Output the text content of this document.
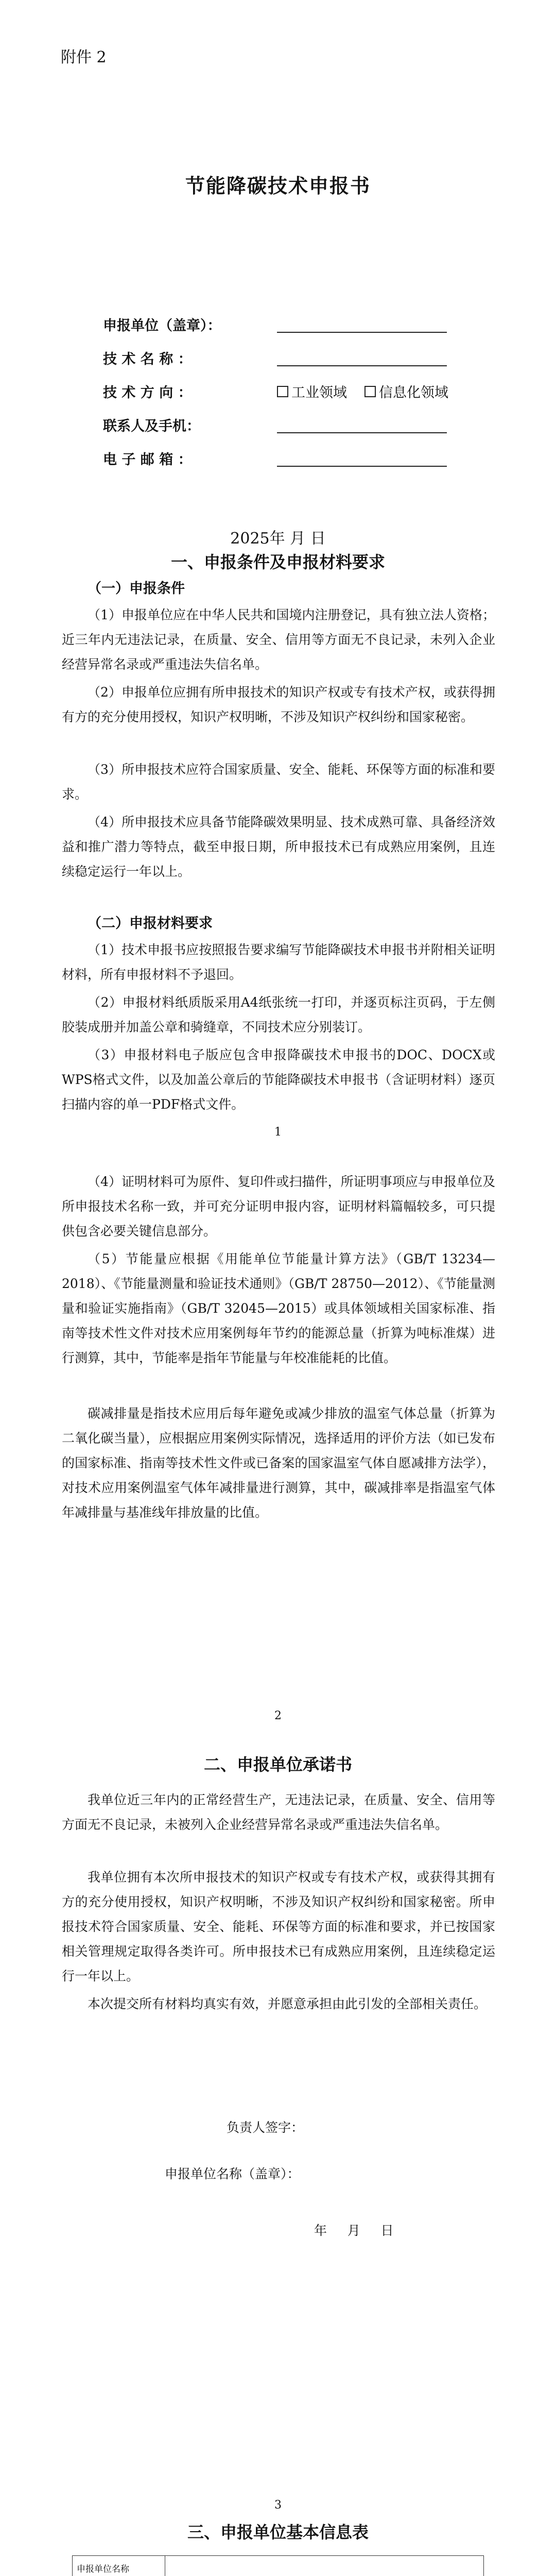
附件 2
节能降碳技术申报书
申报单位（盖章）：
技 术 名 称 ：
技 术 方 向 ：	工业领域 信息化领域
联系人及手机：
电 子 邮 箱 ：
2025年 月 日
一、申报条件及申报材料要求
（一）申报条件
（1）申报单位应在中华人民共和国境内注册登记，具有独立法人资格；近三年内无违法记录，在质量、安全、信用等方面无不良记录，未列入企业经营异常名录或严重违法失信名单。
（2）申报单位应拥有所申报技术的知识产权或专有技术产权，或获得拥有方的充分使用授权，知识产权明晰，不涉及知识产权纠纷和国家秘密。
（3）所申报技术应符合国家质量、安全、能耗、环保等方面的标准和要求。
（4）所申报技术应具备节能降碳效果明显、技术成熟可靠、具备经济效益和推广潜力等特点，截至申报日期，所申报技术已有成熟应用案例，且连续稳定运行一年以上。
（二）申报材料要求
（1）技术申报书应按照报告要求编写节能降碳技术申报书并附相关证明材料，所有申报材料不予退回。
（2）申报材料纸质版采用A4纸张统一打印，并逐页标注页码，于左侧胶装成册并加盖公章和骑缝章，不同技术应分别装订。
（3）申报材料电子版应包含申报降碳技术申报书的DOC、DOCX或WPS格式文件，以及加盖公章后的节能降碳技术申报书（含证明材料）逐页扫描内容的单一PDF格式文件。
1
（4）证明材料可为原件、复印件或扫描件，所证明事项应与申报单位及所申报技术名称一致，并可充分证明申报内容，证明材料篇幅较多，可只提供包含必要关键信息部分。
（5）节能量应根据《用能单位节能量计算方法》（GB/T 13234—2018）、《节能量测量和验证技术通则》（GB/T 28750—2012）、《节能量测量和验证实施指南》（GB/T 32045—2015）或具体领域相关国家标准、指南等技术性文件对技术应用案例每年节约的能源总量（折算为吨标准煤）进行测算，其中，节能率是指年节能量与年校准能耗的比值。
碳减排量是指技术应用后每年避免或减少排放的温室气体总量（折算为二氧化碳当量），应根据应用案例实际情况，选择适用的评价方法（如已发布的国家标准、指南等技术性文件或已备案的国家温室气体自愿减排方法学），对技术应用案例温室气体年减排量进行测算，其中，碳减排率是指温室气体年减排量与基准线年排放量的比值。
2
二、申报单位承诺书
我单位近三年内的正常经营生产，无违法记录，在质量、安全、信用等方面无不良记录，未被列入企业经营异常名录或严重违法失信名单。
我单位拥有本次所申报技术的知识产权或专有技术产权，或获得其拥有方的充分使用授权，知识产权明晰，不涉及知识产权纠纷和国家秘密。所申报技术符合国家质量、安全、能耗、环保等方面的标准和要求，并已按国家相关管理规定取得各类许可。所申报技术已有成熟应用案例，且连续稳定运行一年以上。
本次提交所有材料均真实有效，并愿意承担由此引发的全部相关责任。
负责人签字：
申报单位名称（盖章）：
年     月     日
3
三、申报单位基本信息表
申报单位名称					
